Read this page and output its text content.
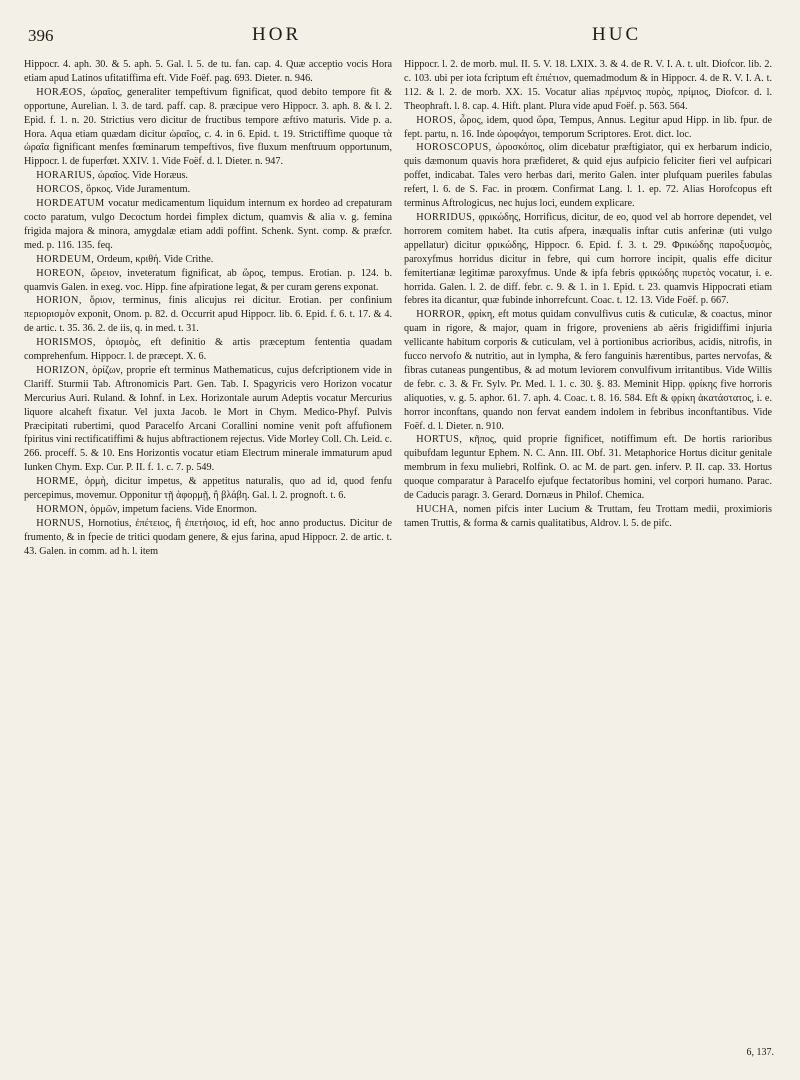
396	HOR	HUC

Hippocr. 4. aph. 30. & 5. aph. 5. Gal. l. 5. de tu. fan. cap. 4. Quæ acceptio vocis Hora etiam apud Latinos ufitatiffima eft. Vide Foëf. pag. 693. Dieter. n. 946.

HORÆOS, ὡραῖος, generaliter tempeftivum fignificat, quod debito tempore fit & opportune, Aurelian. l. 3. de tard. paff. cap. 8. præcipue vero Hippocr. 3. aph. 8. & l. 2. Epid. f. 1. n. 20. Strictius vero dicitur de fructibus tempore æftivo maturis. Vide p. a. Hora. Aqua etiam quædam dicitur ὡραῖος, c. 4. in 6. Epid. t. 19. Strictiffime quoque τὰ ὡραῖα fignificant menfes fœminarum tempeftivos, five fluxum menftruum opportunum, Hippocr. l. de fuperfœt. XXIV. 1. Vide Foëf. d. l. Dieter. n. 947.

HORARIUS, ὡραῖος. Vide Horæus.

HORCOS, ὅρκος. Vide Juramentum.

HORDEATUM vocatur medicamentum liquidum internum ex hordeo ad crepaturam cocto paratum, vulgo Decoctum hordei fimplex dictum, quamvis & alia v. g. femina frigida majora & minora, amygdalæ etiam addi poffint. Schenk. Synt. comp. & præfcr. med. p. 116. 135. feq.

HORDEUM, Ordeum, κριθή. Vide Crithe.

HOREON, ὥρειον, inveteratum fignificat, ab ὥρος, tempus. Erotian. p. 124. b. quamvis Galen. in exeg. voc. Hipp. fine afpiratione legat, & per curam gerens exponat.

HORION, ὅριον, terminus, finis alicujus rei dicitur. Erotian. per confinium περιορισμὸν exponit, Onom. p. 82. d. Occurrit apud Hippocr. lib. 6. Epid. f. 6. t. 17. & 4. de artic. t. 35. 36. 2. de iis, q. in med. t. 31.

HORISMOS, ὁρισμὸς, eft definitio & artis præceptum fententia quadam comprehenfum. Hippocr. l. de præcept. X. 6.

HORIZON, ὁρίζων, proprie eft terminus Mathematicus, cujus defcriptionem vide in Clariff. Sturmii Tab. Aftronomicis Part. Gen. Tab. I. Spagyricis vero Horizon vocatur Mercurius Auri. Ruland. & Iohnf. in Lex. Horizontale aurum Adeptis vocatur Mercurius liquore alcaheft fixatur. Vel juxta Jacob. le Mort in Chym. Medico-Phyf. Pulvis Præcipitati rubertimi, quod Paracelfo Arcani Corallini nomine venit poft affufionem fpiritus vini rectificatiffimi & hujus abftractionem rejectus. Vide Morley Coll. Ch. Leid. c. 266. proceff. 5. & 10. Ens Horizontis vocatur etiam Electrum minerale immaturum apud Iunken Chym. Exp. Cur. P. II. f. 1. c. 7. p. 549.

HORME, ὁρμὴ, dicitur impetus, & appetitus naturalis, quo ad id, quod fenfu percepimus, movemur. Opponitur τῇ ἀφορμῇ, ἢ βλάβη. Gal. l. 2. prognoft. t. 6.

HORMON, ὁρμῶν, impetum faciens. Vide Enormon.

HORNUS, Hornotius, ἐπέτειος, ἢ ἐπετήσιος, id eft, hoc anno productus. Dicitur de frumento, & in fpecie de tritici quodam genere, & ejus farina, apud Hippocr. 2. de artic. t. 43. Galen. in comm. ad h. l. item

Hippocr. l. 2. de morb. mul. II. 5. V. 18. LXIX. 3. & 4. de R. V. I. A. t. ult. Diofcor. lib. 2. c. 103. ubi per iota fcriptum eft ἐπιέτιον, quemadmodum & in Hippocr. 4. de R. V. I. A. t. 112. & l. 2. de morb. XX. 15. Vocatur alias πρέμνιος πυρὸς, πρίμιος, Diofcor. d. l. Theophraft. l. 8. cap. 4. Hift. plant. Plura vide apud Foëf. p. 563. 564.

HOROS, ὧρος, idem, quod ὥρα, Tempus, Annus. Legitur apud Hipp. in lib. fpur. de fept. partu, n. 16. Inde ὡροφάγοι, temporum Scriptores. Erot. dict. loc.

HOROSCOPUS, ὡροσκόπος, olim dicebatur præftigiator, qui ex herbarum indicio, quis dæmonum quavis hora præfideret, & quid ejus aufpicio feliciter fieri vel aufpicari poffet, indicabat. Tales vero herbas dari, merito Galen. inter plufquam pueriles fabulas refert, l. 6. de S. Fac. in proœm. Confirmat Lang. l. 1. ep. 72. Alias Horofcopus eft terminus Aftrologicus, nec hujus loci, eundem explicare.

HORRIDUS, φρικώδης, Horrificus, dicitur, de eo, quod vel ab horrore dependet, vel horrorem comitem habet. Ita cutis afpera, inæqualis inftar cutis anferinæ (uti vulgo appellatur) dicitur φρικώδης, Hippocr. 6. Epid. f. 3. t. 29. Φρικώδης παροξυσμὸς, paroxyfmus horridus dicitur in febre, qui cum horrore incipit, qualis effe dicitur femitertianæ legitimæ paroxyfmus. Unde & ipfa febris φρικώδης πυρετὸς vocatur, i. e. horrida. Galen. l. 2. de diff. febr. c. 9. & 1. in 1. Epid. t. 23. quamvis Hippocrati etiam febres ita dicantur, quæ fubinde inhorrefcunt. Coac. t. 12. 13. Vide Foëf. p. 667.

HORROR, φρίκη, eft motus quidam convulfivus cutis & cuticulæ, & coactus, minor quam in rigore, & major, quam in frigore, proveniens ab aëris frigidiffimi injuria vellicante habitum corporis & cuticulam, vel à portionibus acrioribus, acidis, nitrofis, in fucco nervofo & nutritio, aut in lympha, & fero fanguinis hærentibus, partes nervofas, & fibras cutaneas pungentibus, & ad motum leviorem convulfivum irritantibus. Vide Willis de febr. c. 3. & Fr. Sylv. Pr. Med. l. 1. c. 30. §. 83. Meminit Hipp. φρίκης five horroris aliquoties, v. g. 5. aphor. 61. 7. aph. 4. Coac. t. 8. 16. 584. Eft & φρίκη ἀκατάστατος, i. e. horror inconftans, quando non fervat eandem indolem in febribus inconftantibus. Vide Foëf. d. l. Dieter. n. 910.

HORTUS, κῆπος, quid proprie fignificet, notiffimum eft. De hortis rarioribus quibufdam leguntur Ephem. N. C. Ann. III. Obf. 31. Metaphorice Hortus dicitur genitale membrum in fexu muliebri, Rolfink. O. ac M. de part. gen. inferv. P. II. cap. 33. Hortus quoque comparatur à Paracelfo ejufque fectatoribus homini, vel corpori humano. Parac. de Caducis paragr. 3. Gerard. Dornæus in Philof. Chemica.

HUCHA, nomen pifcis inter Lucium & Truttam, feu Trottam medii, proximioris tamen Truttis, & forma & carnis qualitatibus, Aldrov. l. 5. de pifc.

6, 137.
